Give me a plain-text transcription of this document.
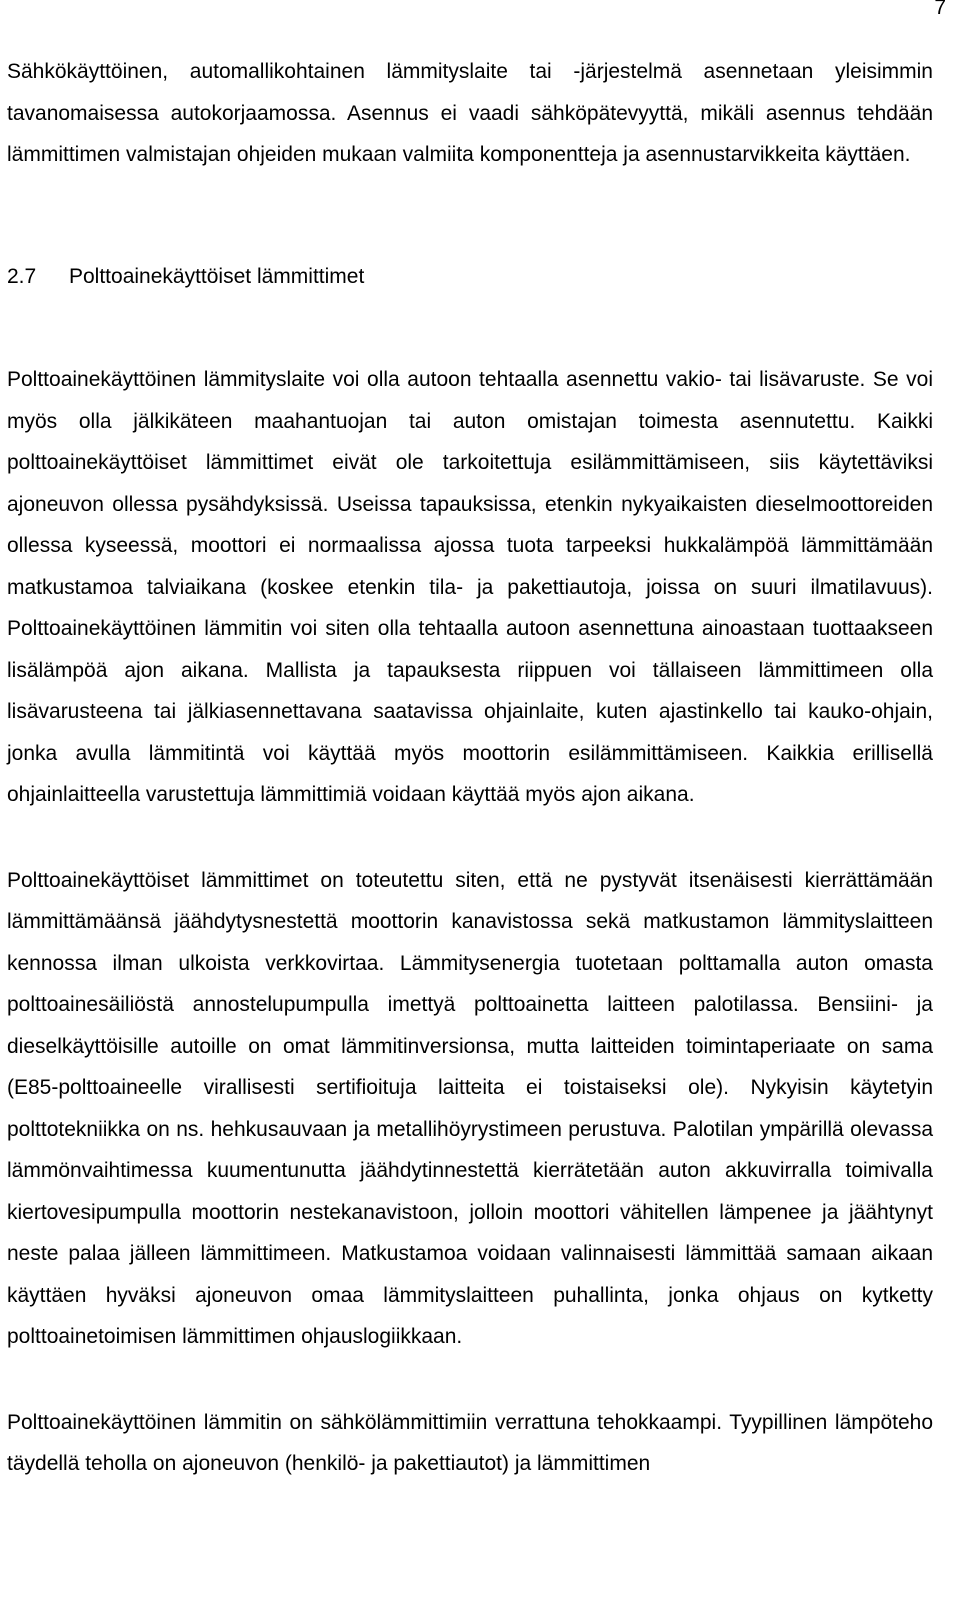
7

Sähkökäyttöinen, automallikohtainen lämmityslaite tai -järjestelmä asennetaan yleisimmin tavanomaisessa autokorjaamossa. Asennus ei vaadi sähköpätevyyttä, mikäli asennus tehdään lämmittimen valmistajan ohjeiden mukaan valmiita komponentteja ja asennustarvikkeita käyttäen.

2.7 Polttoainekäyttöiset lämmittimet

Polttoainekäyttöinen lämmityslaite voi olla autoon tehtaalla asennettu vakio- tai lisävaruste. Se voi myös olla jälkikäteen maahantuojan tai auton omistajan toimesta asennutettu. Kaikki polttoainekäyttöiset lämmittimet eivät ole tarkoitettuja esilämmittämiseen, siis käytettäviksi ajoneuvon ollessa pysähdyksissä. Useissa tapauksissa, etenkin nykyaikaisten dieselmoottoreiden ollessa kyseessä, moottori ei normaalissa ajossa tuota tarpeeksi hukkalämpöä lämmittämään matkustamoa talviaikana (koskee etenkin tila- ja pakettiautoja, joissa on suuri ilmatilavuus). Polttoainekäyttöinen lämmitin voi siten olla tehtaalla autoon asennettuna ainoastaan tuottaakseen lisälämpöä ajon aikana. Mallista ja tapauksesta riippuen voi tällaiseen lämmittimeen olla lisävarusteena tai jälkiasennettavana saatavissa ohjainlaite, kuten ajastinkello tai kauko-ohjain, jonka avulla lämmitintä voi käyttää myös moottorin esilämmittämiseen. Kaikkia erillisellä ohjainlaitteella varustettuja lämmittimiä voidaan käyttää myös ajon aikana.

Polttoainekäyttöiset lämmittimet on toteutettu siten, että ne pystyvät itsenäisesti kierrättämään lämmittämäänsä jäähdytysnestettä moottorin kanavistossa sekä matkustamon lämmityslaitteen kennossa ilman ulkoista verkkovirtaa. Lämmitysenergia tuotetaan polttamalla auton omasta polttoainesäiliöstä annostelupumpulla imettyä polttoainetta laitteen palotilassa. Bensiini- ja dieselkäyttöisille autoille on omat lämmitinversionsa, mutta laitteiden toimintaperiaate on sama (E85-polttoaineelle virallisesti sertifioituja laitteita ei toistaiseksi ole). Nykyisin käytetyin polttotekniikka on ns. hehkusauvaan ja metallihöyrystimeen perustuva. Palotilan ympärillä olevassa lämmönvaihtimessa kuumentunutta jäähdytinnestettä kierrätetään auton akkuvirralla toimivalla kiertovesipumpulla moottorin nestekanavistoon, jolloin moottori vähitellen lämpenee ja jäähtynyt neste palaa jälleen lämmittimeen. Matkustamoa voidaan valinnaisesti lämmittää samaan aikaan käyttäen hyväksi ajoneuvon omaa lämmityslaitteen puhallinta, jonka ohjaus on kytketty polttoainetoimisen lämmittimen ohjauslogiikkaan.

Polttoainekäyttöinen lämmitin on sähkölämmittimiin verrattuna tehokkaampi. Tyypillinen lämpöteho täydellä teholla on ajoneuvon (henkilö- ja pakettiautot) ja lämmittimen
